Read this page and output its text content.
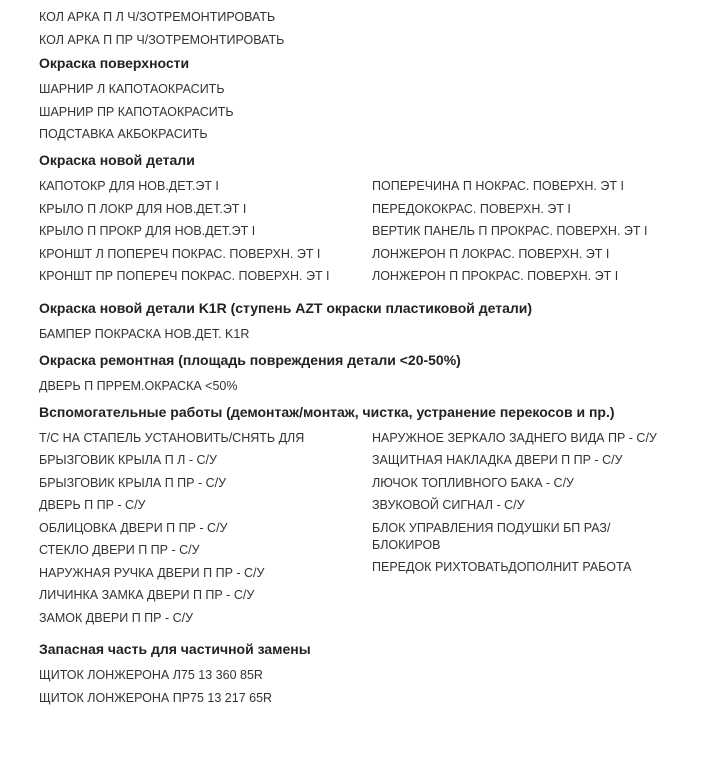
КОЛ АРКА П Л Ч/ЗОТРЕМОНТИРОВАТЬ
КОЛ АРКА П ПР Ч/ЗОТРЕМОНТИРОВАТЬ
Окраска поверхности
ШАРНИР Л КАПОТАОКРАСИТЬ
ШАРНИР ПР КАПОТАОКРАСИТЬ
ПОДСТАВКА АКБОКРАСИТЬ
Окраска новой детали
КАПОТОКР ДЛЯ НОВ.ДЕТ.ЭТ I
КРЫЛО П ЛОКР ДЛЯ НОВ.ДЕТ.ЭТ I
КРЫЛО П ПРОКР ДЛЯ НОВ.ДЕТ.ЭТ I
КРОНШТ Л ПОПЕРЕЧ ПОКРАС. ПОВЕРХН. ЭТ I
КРОНШТ ПР ПОПЕРЕЧ ПОКРАС. ПОВЕРХН. ЭТ I
ПОПЕРЕЧИНА П НОКРАС. ПОВЕРХН. ЭТ I
ПЕРЕДОКОКРАС. ПОВЕРХН. ЭТ I
ВЕРТИК ПАНЕЛЬ П ПРОКРАС. ПОВЕРХН. ЭТ I
ЛОНЖЕРОН П ЛОКРАС. ПОВЕРХН. ЭТ I
ЛОНЖЕРОН П ПРОКРАС. ПОВЕРХН. ЭТ I
Окраска новой детали K1R (ступень AZT окраски пластиковой детали)
БАМПЕР ПОКРАСКА НОВ.ДЕТ. K1R
Окраска ремонтная (площадь повреждения детали <20-50%)
ДВЕРЬ П ПРРЕМ.ОКРАСКА <50%
Вспомогательные работы (демонтаж/монтаж, чистка, устранение перекосов и пр.)
Т/С НА СТАПЕЛЬ УСТАНОВИТЬ/СНЯТЬ ДЛЯ
БРЫЗГОВИК КРЫЛА П Л - С/У
БРЫЗГОВИК КРЫЛА П ПР - С/У
ДВЕРЬ П ПР - С/У
ОБЛИЦОВКА ДВЕРИ П ПР - С/У
СТЕКЛО ДВЕРИ П ПР - С/У
НАРУЖНАЯ РУЧКА ДВЕРИ П ПР - С/У
ЛИЧИНКА ЗАМКА ДВЕРИ П ПР - С/У
ЗАМОК ДВЕРИ П ПР - С/У
НАРУЖНОЕ ЗЕРКАЛО ЗАДНЕГО ВИДА ПР - С/У
ЗАЩИТНАЯ НАКЛАДКА ДВЕРИ П ПР - С/У
ЛЮЧОК ТОПЛИВНОГО БАКА - С/У
ЗВУКОВОЙ СИГНАЛ - С/У
БЛОК УПРАВЛЕНИЯ ПОДУШКИ БП РАЗ/БЛОКИРОВ
ПЕРЕДОК РИХТОВАТЬДОПОЛНИТ РАБОТА
Запасная часть для частичной замены
ЩИТОК ЛОНЖЕРОНА Л75 13 360 85R
ЩИТОК ЛОНЖЕРОНА ПР75 13 217 65R
